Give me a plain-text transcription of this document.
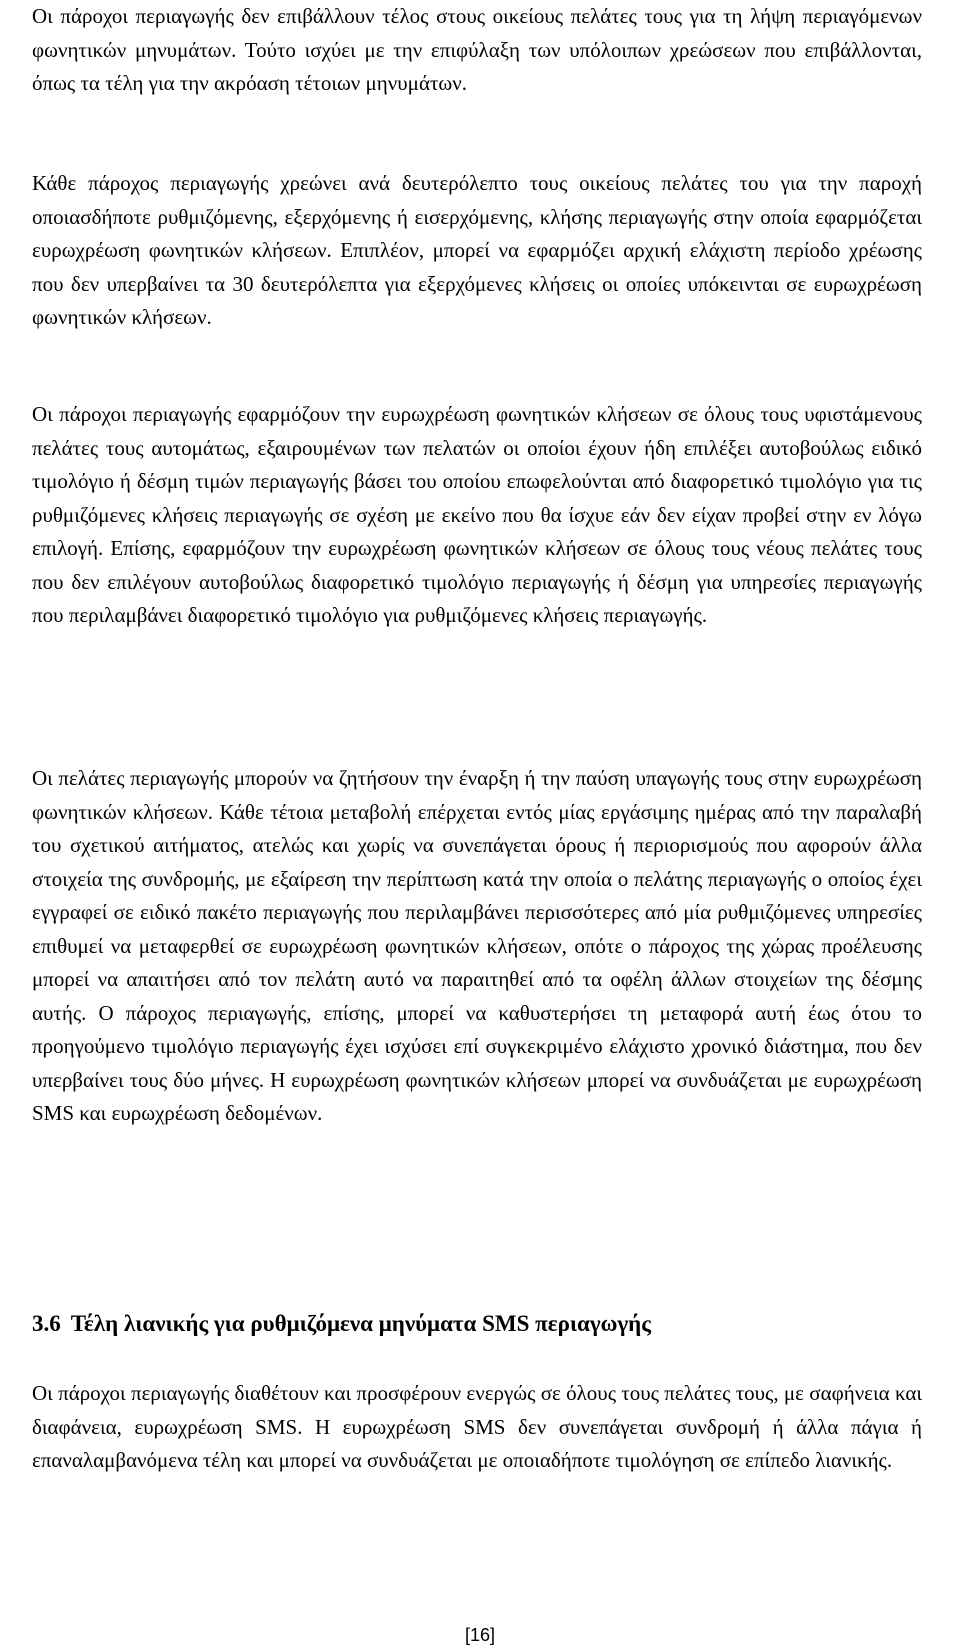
Οι πάροχοι περιαγωγής δεν επιβάλλουν τέλος στους οικείους πελάτες τους για τη λήψη περιαγόμενων φωνητικών μηνυμάτων. Τούτο ισχύει με την επιφύλαξη των υπόλοιπων χρεώσεων που επιβάλλονται, όπως τα τέλη για την ακρόαση τέτοιων μηνυμάτων.

Κάθε πάροχος περιαγωγής χρεώνει ανά δευτερόλεπτο τους οικείους πελάτες του για την παροχή οποιασδήποτε ρυθμιζόμενης, εξερχόμενης ή εισερχόμενης, κλήσης περιαγωγής στην οποία εφαρμόζεται ευρωχρέωση φωνητικών κλήσεων. Επιπλέον, μπορεί να εφαρμόζει αρχική ελάχιστη περίοδο χρέωσης που δεν υπερβαίνει τα 30 δευτερόλεπτα για εξερχόμενες κλήσεις οι οποίες υπόκεινται σε ευρωχρέωση φωνητικών κλήσεων.

Οι πάροχοι περιαγωγής εφαρμόζουν την ευρωχρέωση φωνητικών κλήσεων σε όλους τους υφιστάμενους πελάτες τους αυτομάτως, εξαιρουμένων των πελατών οι οποίοι έχουν ήδη επιλέξει αυτοβούλως ειδικό τιμολόγιο ή δέσμη τιμών περιαγωγής βάσει του οποίου επωφελούνται από διαφορετικό τιμολόγιο για τις ρυθμιζόμενες κλήσεις περιαγωγής σε σχέση με εκείνο που θα ίσχυε εάν δεν είχαν προβεί στην εν λόγω επιλογή. Επίσης, εφαρμόζουν την ευρωχρέωση φωνητικών κλήσεων σε όλους τους νέους πελάτες τους που δεν επιλέγουν αυτοβούλως διαφορετικό τιμολόγιο περιαγωγής ή δέσμη για υπηρεσίες περιαγωγής που περιλαμβάνει διαφορετικό τιμολόγιο για ρυθμιζόμενες κλήσεις περιαγωγής.

Οι πελάτες περιαγωγής μπορούν να ζητήσουν την έναρξη ή την παύση υπαγωγής τους στην ευρωχρέωση φωνητικών κλήσεων. Κάθε τέτοια μεταβολή επέρχεται εντός μίας εργάσιμης ημέρας από την παραλαβή του σχετικού αιτήματος, ατελώς και χωρίς να συνεπάγεται όρους ή περιορισμούς που αφορούν άλλα στοιχεία της συνδρομής, με εξαίρεση την περίπτωση κατά την οποία ο πελάτης περιαγωγής ο οποίος έχει εγγραφεί σε ειδικό πακέτο περιαγωγής που περιλαμβάνει περισσότερες από μία ρυθμιζόμενες υπηρεσίες επιθυμεί να μεταφερθεί σε ευρωχρέωση φωνητικών κλήσεων, οπότε ο πάροχος της χώρας προέλευσης μπορεί να απαιτήσει από τον πελάτη αυτό να παραιτηθεί από τα οφέλη άλλων στοιχείων της δέσμης αυτής. Ο πάροχος περιαγωγής, επίσης, μπορεί να καθυστερήσει τη μεταφορά αυτή έως ότου το προηγούμενο τιμολόγιο περιαγωγής έχει ισχύσει επί συγκεκριμένο ελάχιστο χρονικό διάστημα, που δεν υπερβαίνει τους δύο μήνες. Η ευρωχρέωση φωνητικών κλήσεων μπορεί να συνδυάζεται με ευρωχρέωση SMS και ευρωχρέωση δεδομένων.

3.6 Τέλη λιανικής για ρυθμιζόμενα μηνύματα SMS περιαγωγής

Οι πάροχοι περιαγωγής διαθέτουν και προσφέρουν ενεργώς σε όλους τους πελάτες τους, με σαφήνεια και διαφάνεια, ευρωχρέωση SMS. Η ευρωχρέωση SMS δεν συνεπάγεται συνδρομή ή άλλα πάγια ή επαναλαμβανόμενα τέλη και μπορεί να συνδυάζεται με οποιαδήποτε τιμολόγηση σε επίπεδο λιανικής.

[16]
